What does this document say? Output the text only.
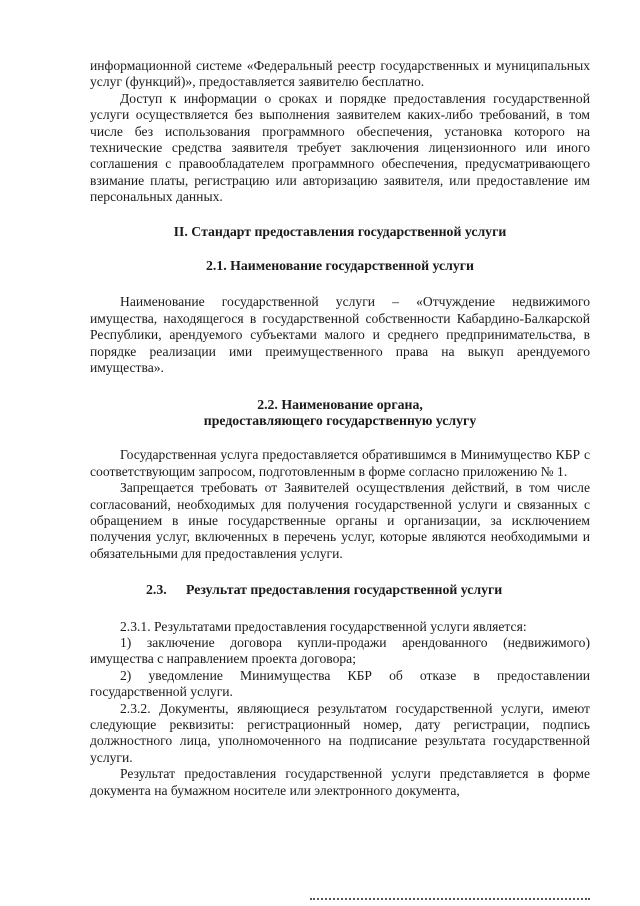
информационной системе «Федеральный реестр государственных и муниципальных услуг (функций)», предоставляется заявителю бесплатно.

Доступ к информации о сроках и порядке предоставления государственной услуги осуществляется без выполнения заявителем каких-либо требований, в том числе без использования программного обеспечения, установка которого на технические средства заявителя требует заключения лицензионного или иного соглашения с правообладателем программного обеспечения, предусматривающего взимание платы, регистрацию или авторизацию заявителя, или предоставление им персональных данных.

II. Стандарт предоставления государственной услуги

2.1. Наименование государственной услуги

Наименование государственной услуги – «Отчуждение недвижимого имущества, находящегося в государственной собственности Кабардино-Балкарской Республики, арендуемого субъектами малого и среднего предпринимательства, в порядке реализации ими преимущественного права на выкуп арендуемого имущества».

2.2. Наименование органа,

предоставляющего государственную услугу

Государственная услуга предоставляется обратившимся в Минимущество КБР с соответствующим запросом, подготовленным в форме согласно приложению № 1.

Запрещается требовать от Заявителей осуществления действий, в том числе согласований, необходимых для получения государственной услуги и связанных с обращением в иные государственные органы и организации, за исключением получения услуг, включенных в перечень услуг, которые являются необходимыми и обязательными для предоставления услуги.

2.3. Результат предоставления государственной услуги

2.3.1. Результатами предоставления государственной услуги является:

1) заключение договора купли-продажи арендованного (недвижимого) имущества с направлением проекта договора;

2) уведомление Минимущества КБР об отказе в предоставлении государственной услуги.

2.3.2. Документы, являющиеся результатом государственной услуги, имеют следующие реквизиты: регистрационный номер, дату регистрации, подпись должностного лица, уполномоченного на подписание результата государственной услуги.

Результат предоставления государственной услуги представляется в форме документа на бумажном носителе или электронного документа,
